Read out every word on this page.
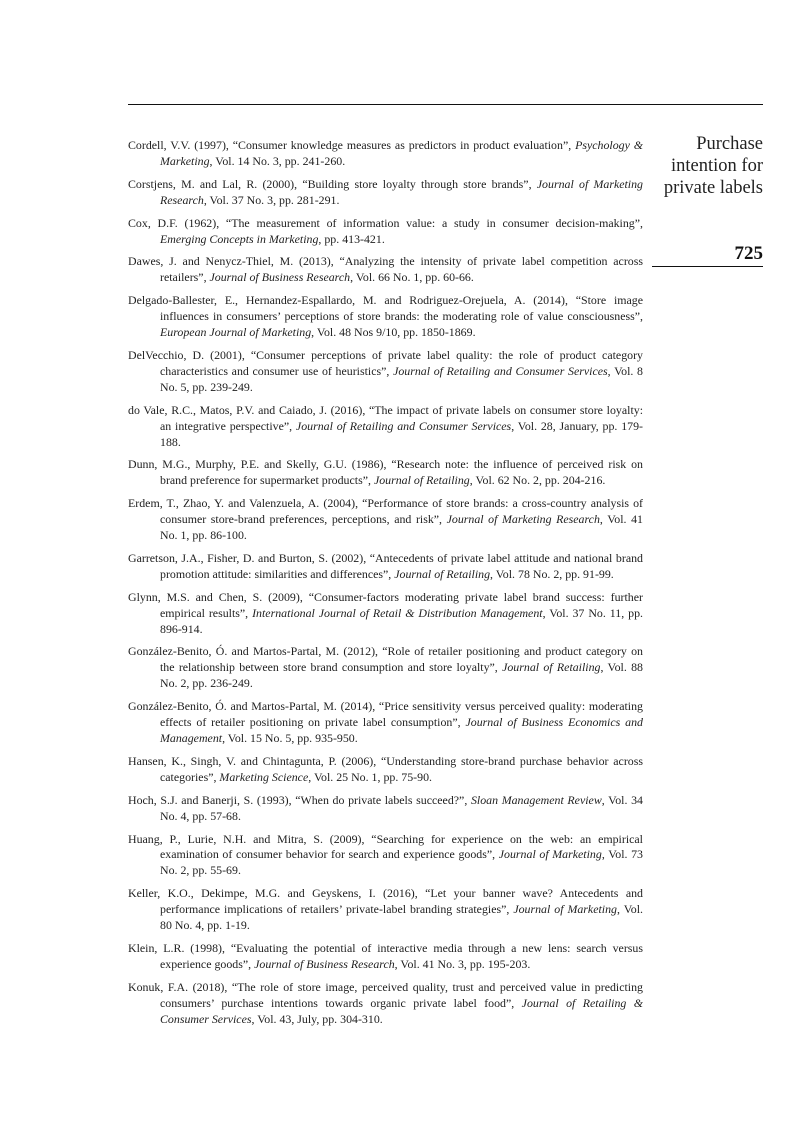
Purchase
intention for
private labels
725
Cordell, V.V. (1997), “Consumer knowledge measures as predictors in product evaluation”, Psychology & Marketing, Vol. 14 No. 3, pp. 241-260.
Corstjens, M. and Lal, R. (2000), “Building store loyalty through store brands”, Journal of Marketing Research, Vol. 37 No. 3, pp. 281-291.
Cox, D.F. (1962), “The measurement of information value: a study in consumer decision-making”, Emerging Concepts in Marketing, pp. 413-421.
Dawes, J. and Nenycz-Thiel, M. (2013), “Analyzing the intensity of private label competition across retailers”, Journal of Business Research, Vol. 66 No. 1, pp. 60-66.
Delgado-Ballester, E., Hernandez-Espallardo, M. and Rodriguez-Orejuela, A. (2014), “Store image influences in consumers’ perceptions of store brands: the moderating role of value consciousness”, European Journal of Marketing, Vol. 48 Nos 9/10, pp. 1850-1869.
DelVecchio, D. (2001), “Consumer perceptions of private label quality: the role of product category characteristics and consumer use of heuristics”, Journal of Retailing and Consumer Services, Vol. 8 No. 5, pp. 239-249.
do Vale, R.C., Matos, P.V. and Caiado, J. (2016), “The impact of private labels on consumer store loyalty: an integrative perspective”, Journal of Retailing and Consumer Services, Vol. 28, January, pp. 179-188.
Dunn, M.G., Murphy, P.E. and Skelly, G.U. (1986), “Research note: the influence of perceived risk on brand preference for supermarket products”, Journal of Retailing, Vol. 62 No. 2, pp. 204-216.
Erdem, T., Zhao, Y. and Valenzuela, A. (2004), “Performance of store brands: a cross-country analysis of consumer store-brand preferences, perceptions, and risk”, Journal of Marketing Research, Vol. 41 No. 1, pp. 86-100.
Garretson, J.A., Fisher, D. and Burton, S. (2002), “Antecedents of private label attitude and national brand promotion attitude: similarities and differences”, Journal of Retailing, Vol. 78 No. 2, pp. 91-99.
Glynn, M.S. and Chen, S. (2009), “Consumer-factors moderating private label brand success: further empirical results”, International Journal of Retail & Distribution Management, Vol. 37 No. 11, pp. 896-914.
González-Benito, Ó. and Martos-Partal, M. (2012), “Role of retailer positioning and product category on the relationship between store brand consumption and store loyalty”, Journal of Retailing, Vol. 88 No. 2, pp. 236-249.
González-Benito, Ó. and Martos-Partal, M. (2014), “Price sensitivity versus perceived quality: moderating effects of retailer positioning on private label consumption”, Journal of Business Economics and Management, Vol. 15 No. 5, pp. 935-950.
Hansen, K., Singh, V. and Chintagunta, P. (2006), “Understanding store-brand purchase behavior across categories”, Marketing Science, Vol. 25 No. 1, pp. 75-90.
Hoch, S.J. and Banerji, S. (1993), “When do private labels succeed?”, Sloan Management Review, Vol. 34 No. 4, pp. 57-68.
Huang, P., Lurie, N.H. and Mitra, S. (2009), “Searching for experience on the web: an empirical examination of consumer behavior for search and experience goods”, Journal of Marketing, Vol. 73 No. 2, pp. 55-69.
Keller, K.O., Dekimpe, M.G. and Geyskens, I. (2016), “Let your banner wave? Antecedents and performance implications of retailers’ private-label branding strategies”, Journal of Marketing, Vol. 80 No. 4, pp. 1-19.
Klein, L.R. (1998), “Evaluating the potential of interactive media through a new lens: search versus experience goods”, Journal of Business Research, Vol. 41 No. 3, pp. 195-203.
Konuk, F.A. (2018), “The role of store image, perceived quality, trust and perceived value in predicting consumers’ purchase intentions towards organic private label food”, Journal of Retailing & Consumer Services, Vol. 43, July, pp. 304-310.
